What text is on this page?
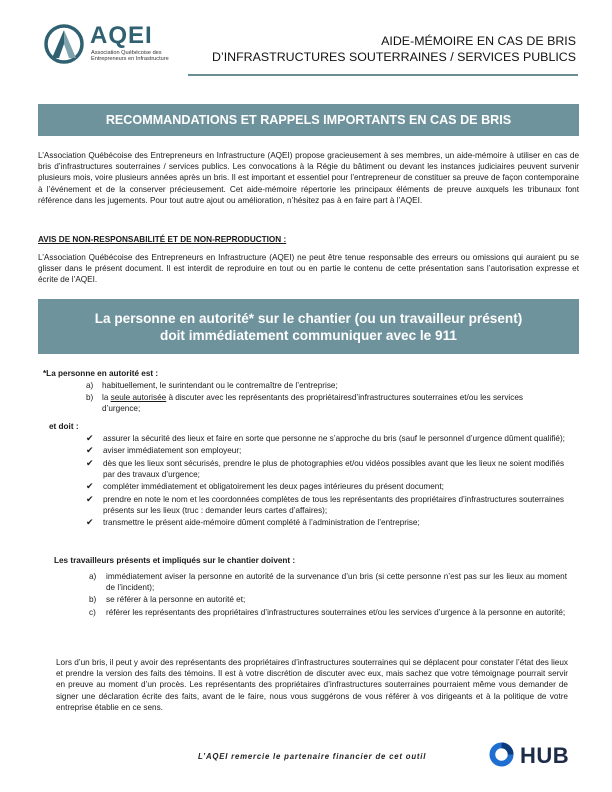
AQEI
Association Québécoise des Entrepreneurs en Infrastructure
AIDE-MÉMOIRE EN CAS DE BRIS
D’INFRASTRUCTURES SOUTERRAINES / SERVICES PUBLICS
RECOMMANDATIONS ET RAPPELS IMPORTANTS EN CAS DE BRIS

L’Association Québécoise des Entrepreneurs en Infrastructure (AQEI) propose gracieusement à ses membres, un aide-mémoire à utiliser en cas de bris d’infrastructures souterraines / services publics. Les convocations à la Régie du bâtiment ou devant les instances judiciaires peuvent survenir plusieurs mois, voire plusieurs années après un bris. Il est important et essentiel pour l’entrepreneur de constituer sa preuve de façon contemporaine à l’événement et de la conserver précieusement. Cet aide-mémoire répertorie les principaux éléments de preuve auxquels les tribunaux font référence dans les jugements. Pour tout autre ajout ou amélioration, n’hésitez pas à en faire part à l’AQEI.

AVIS DE NON-RESPONSABILITÉ ET DE NON-REPRODUCTION :

L’Association Québécoise des Entrepreneurs en Infrastructure (AQEI) ne peut être tenue responsable des erreurs ou omissions qui auraient pu se glisser dans le présent document. Il est interdit de reproduire en tout ou en partie le contenu de cette présentation sans l’autorisation expresse et écrite de l’AQEI.

La personne en autorité* sur le chantier (ou un travailleur présent)
doit immédiatement communiquer avec le 911
*La personne en autorité est :
a) habituellement, le surintendant ou le contremaître de l’entreprise;
b) la seule autorisée à discuter avec les représentants des propriétairesd’infrastructures souterraines et/ou les services d’urgence;
et doit :
✔ assurer la sécurité des lieux et faire en sorte que personne ne s’approche du bris (sauf le personnel d’urgence dûment qualifié);
✔ aviser immédiatement son employeur;
✔ dès que les lieux sont sécurisés, prendre le plus de photographies et/ou vidéos possibles avant que les lieux ne soient modifiés par des travaux d’urgence;
✔ compléter immédiatement et obligatoirement les deux pages intérieures du présent document;
✔ prendre en note le nom et les coordonnées complètes de tous les représentants des propriétaires d’infrastructures souterraines présents sur les lieux (truc : demander leurs cartes d’affaires);
✔ transmettre le présent aide-mémoire dûment complété à l’administration de l’entreprise;
Les travailleurs présents et impliqués sur le chantier doivent :
a) immédiatement aviser la personne en autorité de la survenance d’un bris (si cette personne n’est pas sur les lieux au moment de l’incident);
b) se référer à la personne en autorité et;
c) référer les représentants des propriétaires d’infrastructures souterraines et/ou les services d’urgence à la personne en autorité;

Lors d’un bris, il peut y avoir des représentants des propriétaires d’infrastructures souterraines qui se déplacent pour constater l’état des lieux et prendre la version des faits des témoins. Il est à votre discrétion de discuter avec eux, mais sachez que votre témoignage pourrait servir en preuve au moment d’un procès. Les représentants des propriétaires d’infrastructures souterraines pourraient même vous demander de signer une déclaration écrite des faits, avant de le faire, nous vous suggérons de vous référer à vos dirigeants et à la politique de votre entreprise établie en ce sens.

L’AQEI remercie le partenaire financier de cet outil	HUB
